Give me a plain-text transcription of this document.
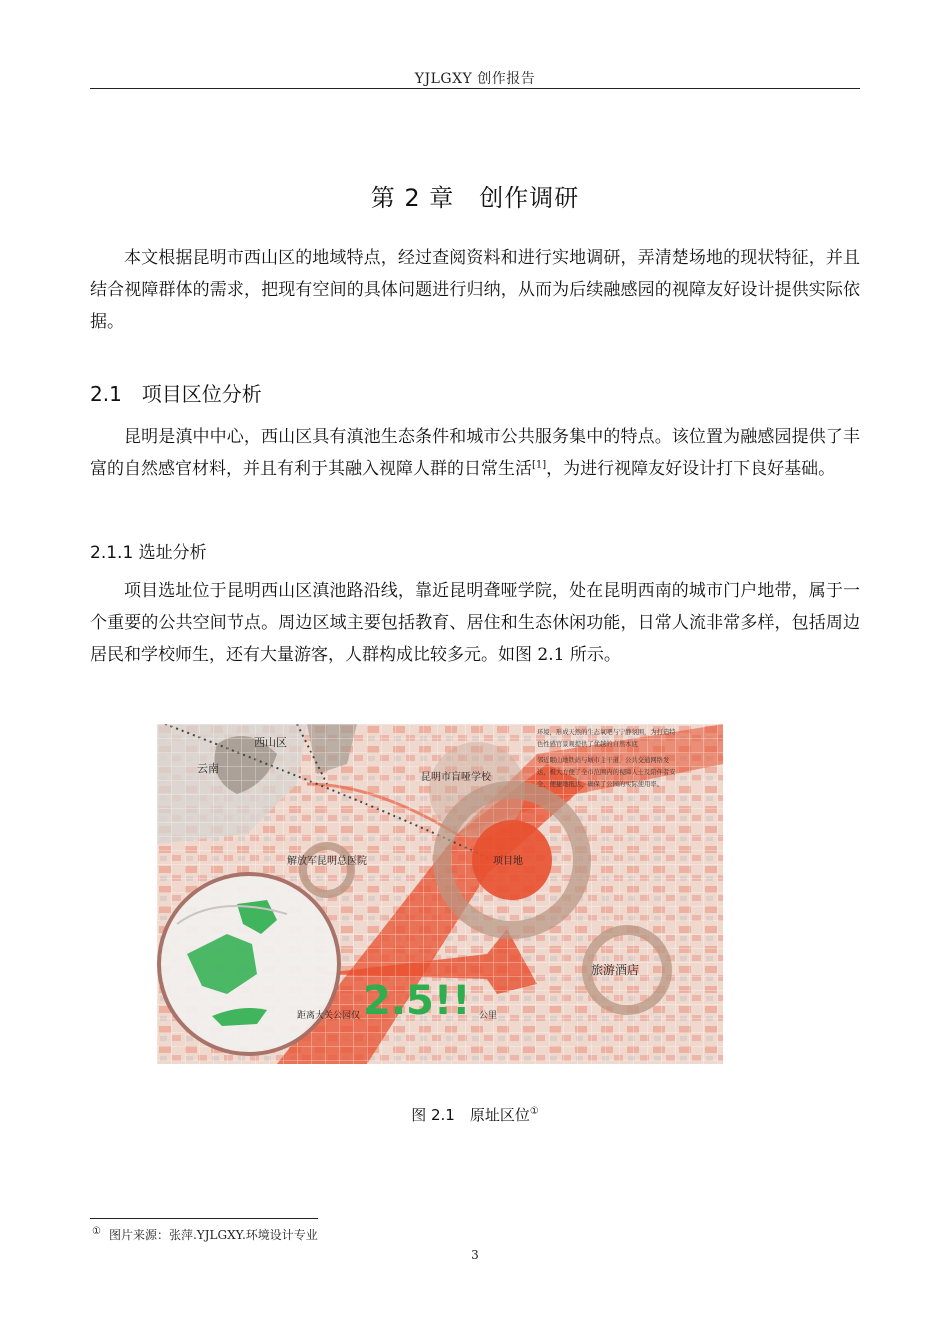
YJLGXY 创作报告
第 2 章　创作调研

本文根据昆明市西山区的地域特点，经过查阅资料和进行实地调研，弄清楚场地的现状特征，并且结合视障群体的需求，把现有空间的具体问题进行归纳，从而为后续融感园的视障友好设计提供实际依据。

2.1　项目区位分析

昆明是滇中中心，西山区具有滇池生态条件和城市公共服务集中的特点。该位置为融感园提供了丰富的自然感官材料，并且有利于其融入视障人群的日常生活[1]，为进行视障友好设计打下良好基础。

2.1.1 选址分析

项目选址位于昆明西山区滇池路沿线，靠近昆明聋哑学院，处在昆明西南的城市门户地带，属于一个重要的公共空间节点。周边区域主要包括教育、居住和生态休闲功能，日常人流非常多样，包括周边居民和学校师生，还有大量游客，人群构成比较多元。如图 2.1 所示。

云南
西山区
昆明市盲哑学校
项目地
解放军昆明总医院
旅游酒店
距离大关公园仅 2.5!! 公里
环境，形成天然的生态氧吧与宁静氛围，为打造特
色性感官景观提供了优越的自然本底
邻近眠山地铁站与城市主干道，公共交通网络发
达，极大方便了全市范围内的视障人士及陪伴者安
全、便捷地抵达，确保了公园的实际使用率。
图 2.1　原址区位①
① 图片来源：张萍.YJLGXY.环境设计专业
3
